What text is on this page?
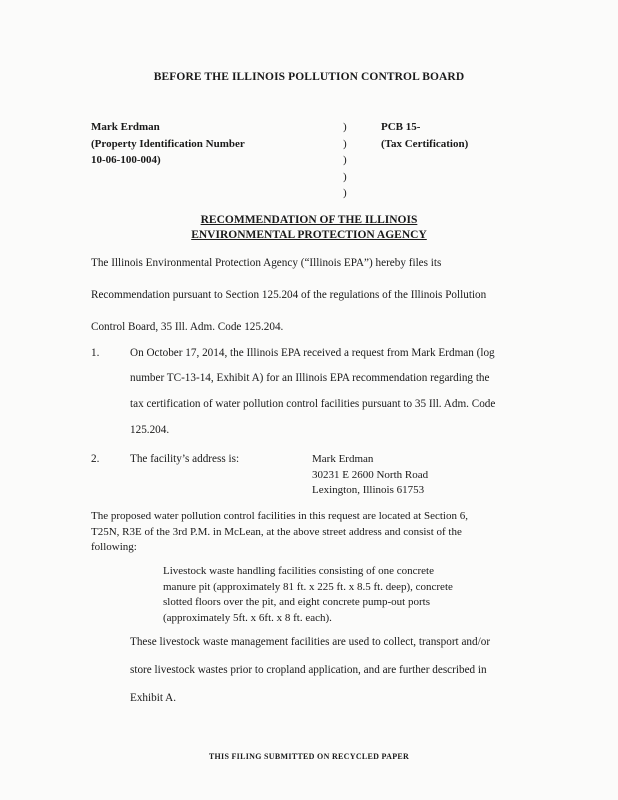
BEFORE THE ILLINOIS POLLUTION CONTROL BOARD
Mark Erdman
(Property Identification Number
10-06-100-004)
)
)
)
)
)
PCB 15-
(Tax Certification)
RECOMMENDATION OF THE ILLINOIS
ENVIRONMENTAL PROTECTION AGENCY
The Illinois Environmental Protection Agency (“Illinois EPA”) hereby files its
Recommendation pursuant to Section 125.204 of the regulations of the Illinois Pollution
Control Board, 35 Ill. Adm. Code 125.204.
1.	On October 17, 2014, the Illinois EPA received a request from Mark Erdman (log
number TC-13-14, Exhibit A) for an Illinois EPA recommendation regarding the
tax certification of water pollution control facilities pursuant to 35 Ill. Adm. Code
125.204.
2.	The facility’s address is:	Mark Erdman
30231 E 2600 North Road
Lexington, Illinois 61753
The proposed water pollution control facilities in this request are located at Section 6,
T25N, R3E of the 3rd P.M. in McLean, at the above street address and consist of the
following:
Livestock waste handling facilities consisting of one concrete
manure pit (approximately 81 ft. x 225 ft. x 8.5 ft. deep), concrete
slotted floors over the pit, and eight concrete pump-out ports
(approximately 5ft. x 6ft. x 8 ft. each).
These livestock waste management facilities are used to collect, transport and/or
store livestock wastes prior to cropland application, and are further described in
Exhibit A.
THIS FILING SUBMITTED ON RECYCLED PAPER
